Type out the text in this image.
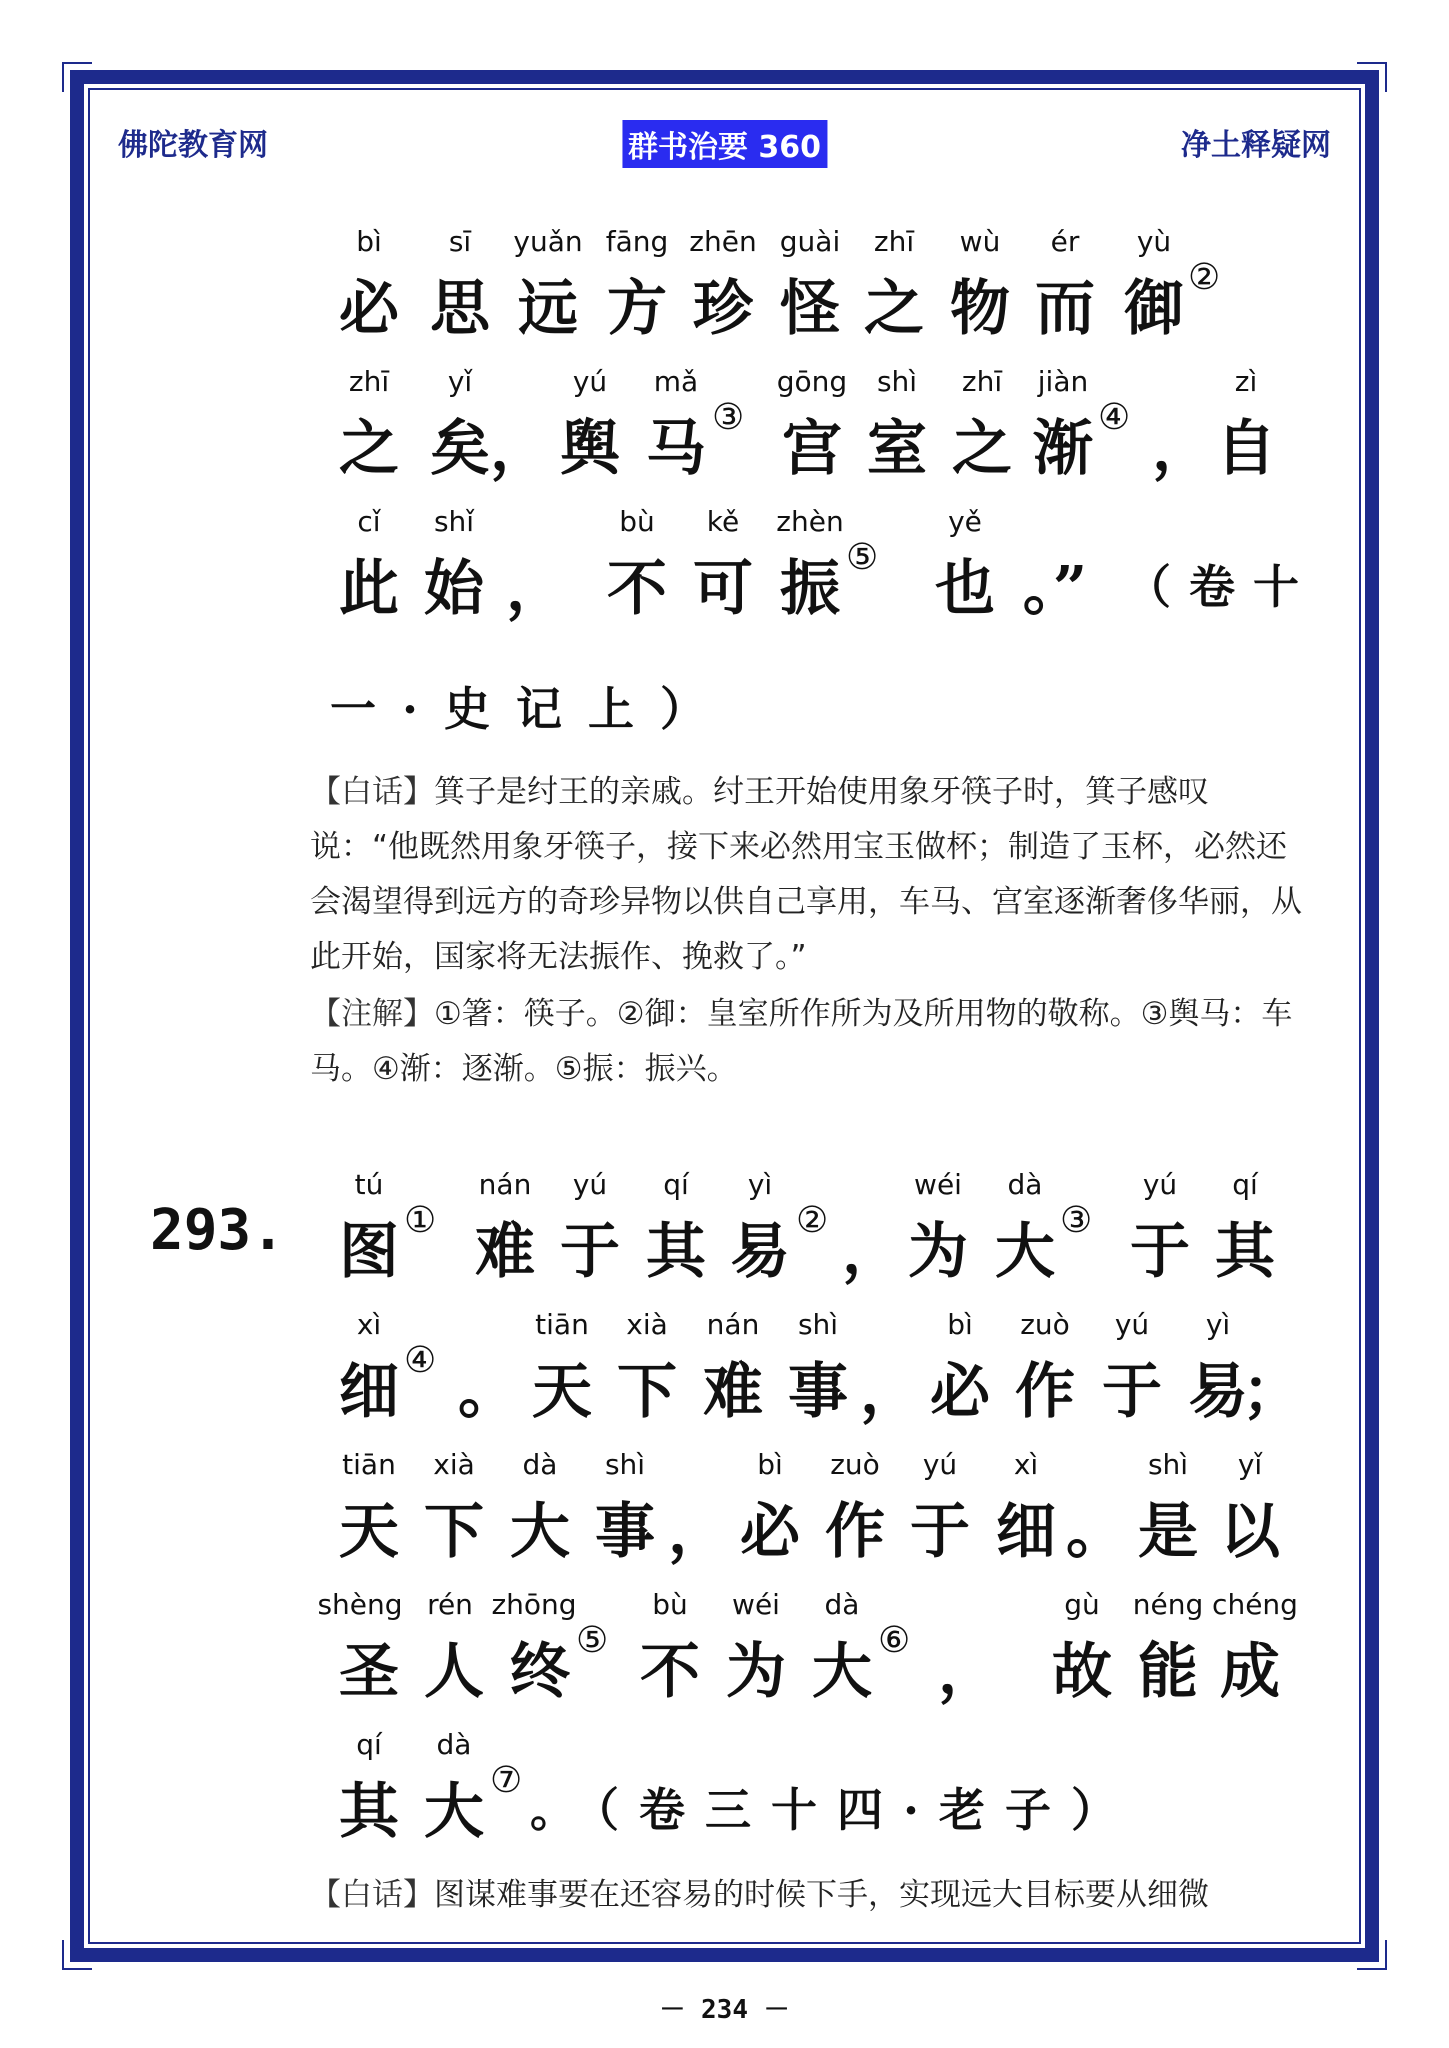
佛陀教育网	群书治要 360	净土释疑网
bì sī yuǎn fāng zhēn guài zhī wù ér yù
必 思 远 方 珍 怪 之 物 而 御 ②
zhī yǐ	yú mǎ	gōng shì zhī jiàn	zì
之 矣 ， 舆 马 ③ 宫 室 之 渐 ④ ， 自
cǐ shǐ	bù kě zhèn	yě
此 始 ， 不 可 振 ⑤ 也 。” （卷十
一·史记上）

【白话】箕子是纣王的亲戚。纣王开始使用象牙筷子时，箕子感叹说：“他既然用象牙筷子，接下来必然用宝玉做杯；制造了玉杯，必然还会渴望得到远方的奇珍异物以供自己享用，车马、宫室逐渐奢侈华丽，从此开始，国家将无法振作、挽救了。”

【注解】①箸：筷子。②御：皇室所作所为及所用物的敬称。③舆马：车马。④渐：逐渐。⑤振：振兴。

293.
tú	nán yú qí yì	wéi dà	yú qí
图 ① 难 于 其 易 ② ， 为 大 ③ 于 其
xì	tiān xià nán shì	bì zuò yú yì
细 ④ 。 天 下 难 事 ， 必 作 于 易
；
tiān xià dà shì	bì zuò yú xì	shì yǐ
天 下 大 事 ， 必 作 于 细 。 是 以
shèng rén zhōng	bù wéi dà	gù néng chéng
圣 人 终 ⑤ 不 为 大 ⑥ ， 故 能 成
qí dà
其 大 ⑦
。（卷三十四·老子）

【白话】图谋难事要在还容易的时候下手，实现远大目标要从细微

－ 234 －
